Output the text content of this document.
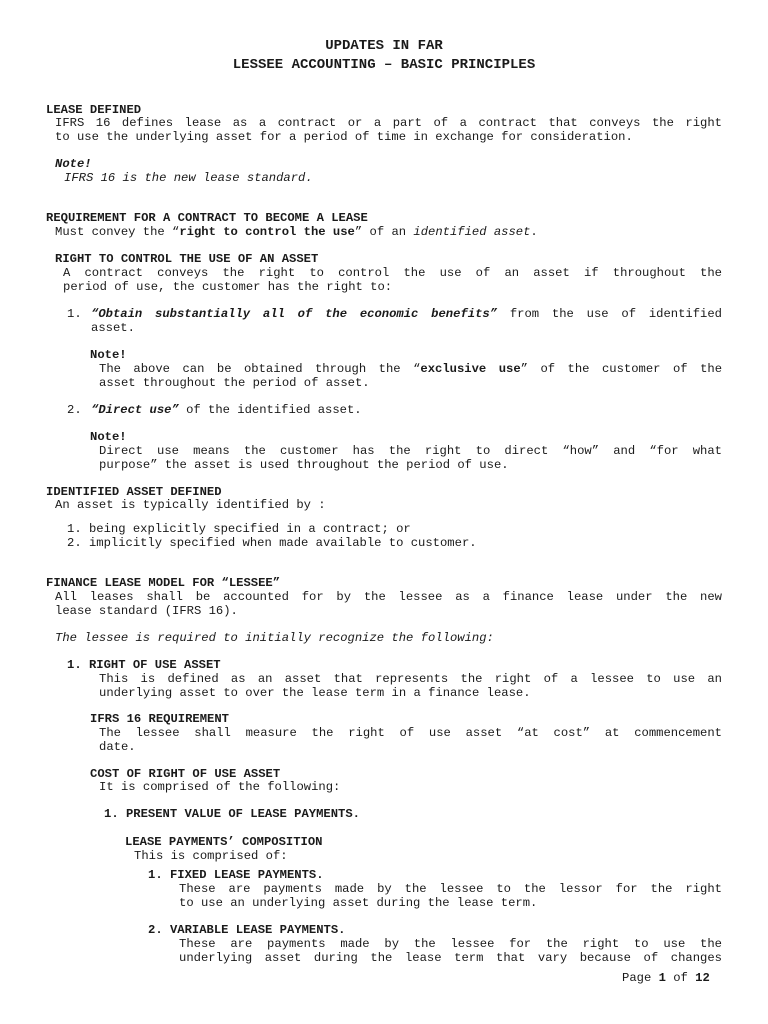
UPDATES IN FAR
LESSEE ACCOUNTING – BASIC PRINCIPLES
LEASE DEFINED
IFRS 16 defines lease as a contract or a part of a contract that conveys the right
to use the underlying asset for a period of time in exchange for consideration.
Note!
IFRS 16 is the new lease standard.
REQUIREMENT FOR A CONTRACT TO BECOME A LEASE
Must convey the “right to control the use” of an identified asset.
RIGHT TO CONTROL THE USE OF AN ASSET
A contract conveys the right to control the use of an asset if throughout the
period of use, the customer has the right to:
1. “Obtain substantially all of the economic benefits” from the use of identified
asset.
Note!
The above can be obtained through the “exclusive use” of the customer of the
asset throughout the period of asset.
2. “Direct use” of the identified asset.
Note!
Direct use means the customer has the right to direct “how” and “for what
purpose” the asset is used throughout the period of use.
IDENTIFIED ASSET DEFINED
An asset is typically identified by :
1. being explicitly specified in a contract; or
2. implicitly specified when made available to customer.
FINANCE LEASE MODEL FOR “LESSEE”
All leases shall be accounted for by the lessee as a finance lease under the new
lease standard (IFRS 16).
The lessee is required to initially recognize the following:
1. RIGHT OF USE ASSET
This is defined as an asset that represents the right of a lessee to use an
underlying asset to over the lease term in a finance lease.
IFRS 16 REQUIREMENT
The lessee shall measure the right of use asset “at cost” at commencement
date.
COST OF RIGHT OF USE ASSET
It is comprised of the following:
1. PRESENT VALUE OF LEASE PAYMENTS.
LEASE PAYMENTS’ COMPOSITION
This is comprised of:
1. FIXED LEASE PAYMENTS.
These are payments made by the lessee to the lessor for the right
to use an underlying asset during the lease term.
2. VARIABLE LEASE PAYMENTS.
These are payments made by the lessee for the right to use the
underlying asset during the lease term that vary because of changes
Page 1 of 12
